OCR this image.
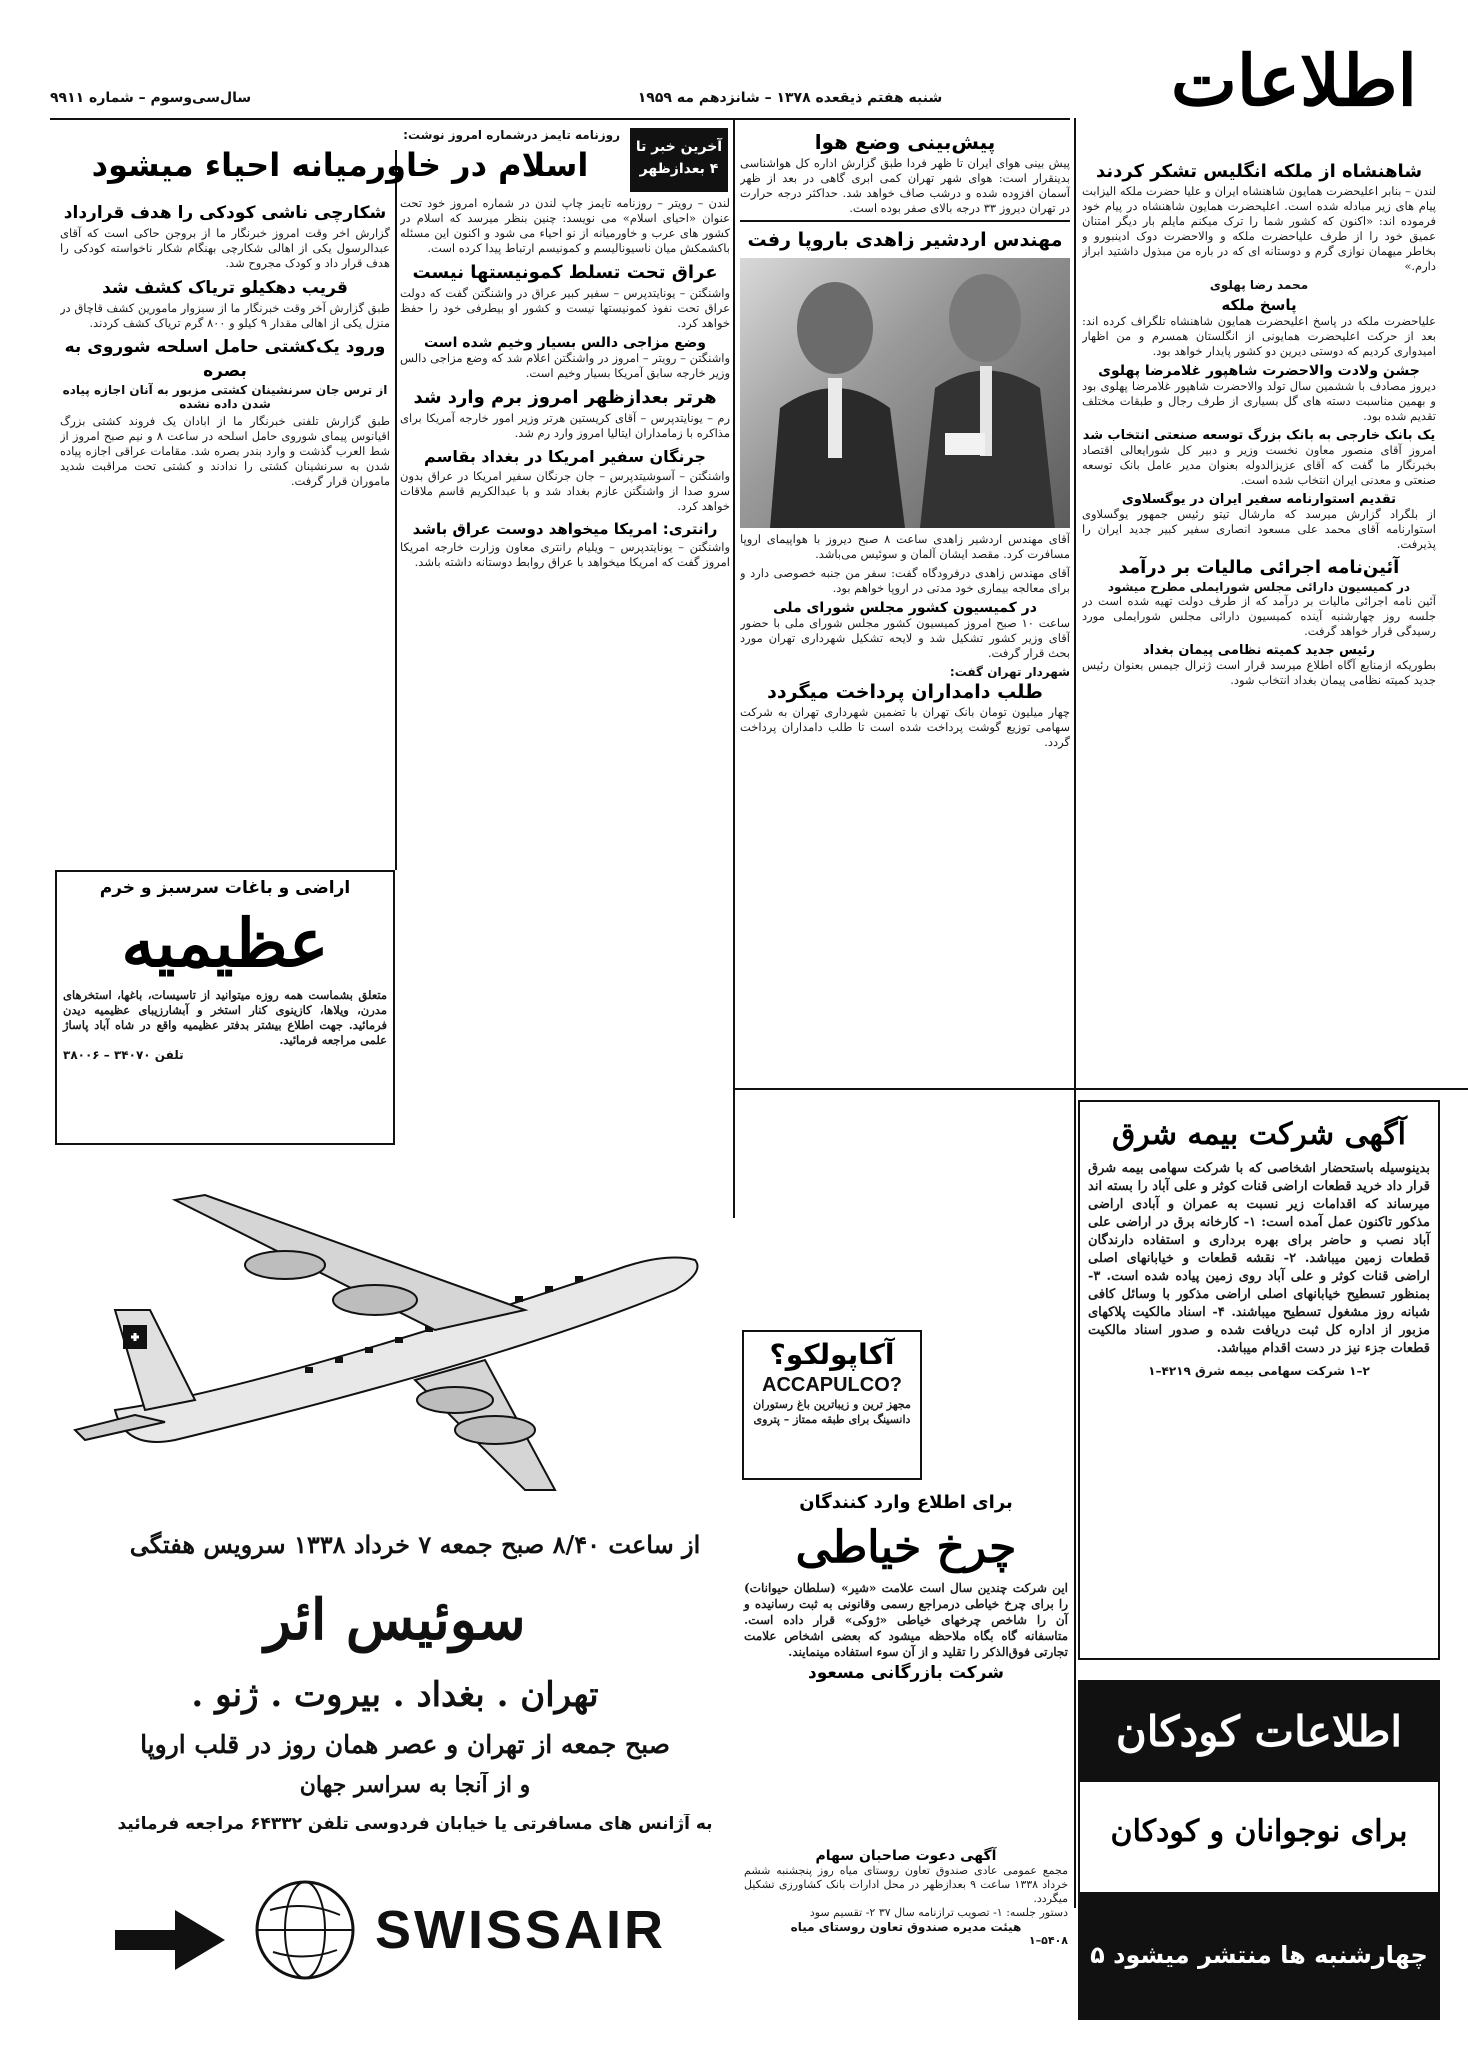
اطلاعات
شنبه هفتم ذیقعده ۱۳۷۸ – شانزدهم مه ۱۹۵۹
سال‌سی‌وسوم – شماره ۹۹۱۱
شاهنشاه از ملکه انگلیس تشکر کردند
لندن – بنابر اعلیحضرت همایون شاهنشاه ایران و علیا حضرت ملکه الیزابت پیام های زیر مبادله شده است. اعلیحضرت همایون شاهنشاه در پیام خود فرموده اند: «اکنون که کشور شما را ترک میکنم مایلم بار دیگر امتنان عمیق خود را از طرف علیاحضرت ملکه و والاحضرت دوک ادینبورو و بخاطر میهمان نوازی گرم و دوستانه ای که در باره من مبذول داشتید ابراز دارم.»
محمد رضا پهلوی
پاسخ ملکه
علیاحضرت ملکه در پاسخ اعلیحضرت همایون شاهنشاه تلگراف کرده اند: بعد از حرکت اعلیحضرت همایونی از انگلستان همسرم و من اظهار امیدواری کردیم که دوستی دیرین دو کشور پایدار خواهد بود.
جشن ولادت والاحضرت شاهپور غلامرضا پهلوی
دیروز مصادف با ششمین سال تولد والاحضرت شاهپور غلامرضا پهلوی بود و بهمین مناسبت دسته های گل بسیاری از طرف رجال و طبقات مختلف تقدیم شده بود.
یک بانک خارجی به بانک بزرگ توسعه صنعتی انتخاب شد
امروز آقای منصور معاون نخست وزیر و دبیر کل شورایعالی اقتصاد بخبرنگار ما گفت که آقای عزیزالدوله بعنوان مدیر عامل بانک توسعه صنعتی و معدنی ایران انتخاب شده است.
تقدیم استوارنامه سفیر ایران در یوگسلاوی
از بلگراد گزارش میرسد که مارشال تیتو رئیس جمهور یوگسلاوی استوارنامه آقای محمد علی مسعود انصاری سفیر کبیر جدید ایران را پذیرفت.
آئین‌نامه اجرائی مالیات بر درآمد
در کمیسیون دارائی مجلس شورایملی مطرح میشود
آئین نامه اجرائی مالیات بر درآمد که از طرف دولت تهیه شده است در جلسه روز چهارشنبه آینده کمیسیون دارائی مجلس شورایملی مورد رسیدگی قرار خواهد گرفت.
رئیس جدید کمیته نظامی پیمان بغداد
بطوریکه ازمنابع آگاه اطلاع میرسد قرار است ژنرال جیمس بعنوان رئیس جدید کمیته نظامی پیمان بغداد انتخاب شود.
پیش‌بینی وضع هوا
پیش بینی هوای ایران تا ظهر فردا طبق گزارش اداره کل هواشناسی بدینقرار است: هوای شهر تهران کمی ابری گاهی در بعد از ظهر آسمان افزوده شده و درشب صاف خواهد شد. حداکثر درجه حرارت در تهران دیروز ۳۳ درجه بالای صفر بوده است.
مهندس اردشیر زاهدی باروپا رفت
آقای مهندس اردشیر زاهدی ساعت ۸ صبح دیروز با هواپیمای اروپا مسافرت کرد. مقصد ایشان آلمان و سوئیس می‌باشد.
آقای مهندس زاهدی درفرودگاه گفت: سفر من جنبه خصوصی دارد و برای معالجه بیماری خود مدتی در اروپا خواهم بود.
در کمیسیون کشور مجلس شورای ملی
ساعت ۱۰ صبح امروز کمیسیون کشور مجلس شورای ملی با حضور آقای وزیر کشور تشکیل شد و لایحه تشکیل شهرداری تهران مورد بحث قرار گرفت.
شهردار تهران گفت:
طلب دامداران پرداخت میگردد
چهار میلیون تومان بانک تهران با تضمین شهرداری تهران به شرکت سهامی توزیع گوشت پرداخت شده است تا طلب دامداران پرداخت گردد.
روزنامه تایمز درشماره امروز نوشت:
اسلام در خاورمیانه احیاء میشود	آخرین خبر تا ۴ بعدازظهر
لندن – رویتر – روزنامه تایمز چاپ لندن در شماره امروز خود تحت عنوان «احیای اسلام» می نویسد: چنین بنظر میرسد که اسلام در کشور های عرب و خاورمیانه از نو احیاء می شود و اکنون این مسئله باکشمکش میان ناسیونالیسم و کمونیسم ارتباط پیدا کرده است.
عراق تحت تسلط کمونیستها نیست
واشنگتن – یونایتدپرس – سفیر کبیر عراق در واشنگتن گفت که دولت عراق تحت نفوذ کمونیستها نیست و کشور او بیطرفی خود را حفظ خواهد کرد.
وضع مزاجی دالس بسیار وخیم شده است
واشنگتن – رویتر – امروز در واشنگتن اعلام شد که وضع مزاجی دالس وزیر خارجه سابق آمریکا بسیار وخیم است.
هرتر بعدازظهر امروز برم وارد شد
رم – یونایتدپرس – آقای کریستین هرتر وزیر امور خارجه آمریکا برای مذاکره با زمامداران ایتالیا امروز وارد رم شد.
جرنگان سفیر امریکا در بغداد بقاسم
واشنگتن – آسوشیتدپرس – جان جرنگان سفیر امریکا در عراق بدون سرو صدا از واشنگتن عازم بغداد شد و با عبدالکریم قاسم ملاقات خواهد کرد.
رانتری: امریکا میخواهد دوست عراق باشد
واشنگتن – یونایتدپرس – ویلیام رانتری معاون وزارت خارجه امریکا امروز گفت که امریکا میخواهد با عراق روابط دوستانه داشته باشد.
شکارچی ناشی کودکی را هدف قرارداد
گزارش اخر وقت امروز خبرنگار ما از بروجن حاکی است که آقای عبدالرسول یکی از اهالی شکارچی بهنگام شکار ناخواسته کودکی را هدف قرار داد و کودک مجروح شد.
قریب دهکیلو تریاک کشف شد
طبق گزارش آخر وقت خبرنگار ما از سبزوار مامورین کشف قاچاق در منزل یکی از اهالی مقدار ۹ کیلو و ۸۰۰ گرم تریاک کشف کردند.
ورود یک‌کشتی حامل اسلحه شوروی به بصره
از ترس جان سرنشینان کشتی مزبور به آنان اجازه پیاده شدن داده نشده
طبق گزارش تلفنی خبرنگار ما از ابادان یک فروند کشتی بزرگ اقیانوس پیمای شوروی حامل اسلحه در ساعت ۸ و نیم صبح امروز از شط العرب گذشت و وارد بندر بصره شد. مقامات عراقی اجازه پیاده شدن به سرنشینان کشتی را ندادند و کشتی تحت مراقبت شدید ماموران قرار گرفت.
اراضی و باغات سرسبز و خرم
عظیمیه
متعلق بشماست همه روزه میتوانید از تاسیسات، باغها، استخرهای مدرن، ویلاها، کازینوی کنار استخر و آبشارزیبای عظیمیه دیدن فرمائید. جهت اطلاع بیشتر بدفتر عظیمیه واقع در شاه آباد پاساژ علمی مراجعه فرمائید.
تلفن ۳۴۰۷۰ – ۳۸۰۰۶
از ساعت ۸/۴۰ صبح جمعه ۷ خرداد ۱۳۳۸ سرویس هفتگی
سوئیس ائر
تهران . بغداد . بیروت . ژنو .
صبح جمعه از تهران و عصر همان روز در قلب اروپا
و از آنجا به سراسر جهان
به آژانس های مسافرتی یا خیابان فردوسی تلفن ۶۴۳۳۲ مراجعه فرمائید
SWISSAIR
آکاپولکو؟
ACCAPULCO?
مجهز ترین و زیباترین باغ رستوران دانسینگ برای طبقه ممتاز – پتروی
برای اطلاع وارد کنندگان
چرخ خیاطی
این شرکت چندین سال است علامت «شیر» (سلطان حیوانات) را برای چرخ خیاطی درمراجع رسمی وقانونی به ثبت رسانیده و آن را شاخص چرخهای خیاطی «ژوکی» قرار داده است. متاسفانه گاه بگاه ملاحظه میشود که بعضی اشخاص علامت تجارتی فوق‌الذکر را تقلید و از آن سوء استفاده مینمایند.
شرکت بازرگانی مسعود
آگهی دعوت صاحبان سهام
مجمع عمومی عادی صندوق تعاون روستای میاه روز پنجشنبه ششم خرداد ۱۳۳۸ ساعت ۹ بعدازظهر در محل ادارات بانک کشاورزی تشکیل میگردد.
دستور جلسه: ۱- تصویب ترازنامه سال ۳۷ ۲- تقسیم سود
هیئت مدیره صندوق تعاون روستای میاه
۵۴۰۸–۱
آگهی شرکت بیمه شرق
بدینوسیله باستحضار اشخاصی که با شرکت سهامی بیمه شرق قرار داد خرید قطعات اراضی قنات کوثر و علی آباد را بسته اند میرساند که اقدامات زیر نسبت به عمران و آبادی اراضی مذکور تاکنون عمل آمده است: ۱- کارخانه برق در اراضی علی آباد نصب و حاضر برای بهره برداری و استفاده دارندگان قطعات زمین میباشد. ۲- نقشه قطعات و خیابانهای اصلی اراضی قنات کوثر و علی آباد روی زمین پیاده شده است. ۳- بمنظور تسطیح خیابانهای اصلی اراضی مذکور با وسائل کافی شبانه روز مشغول تسطیح میباشند. ۴- اسناد مالکیت پلاکهای مزبور از اداره کل ثبت دریافت شده و صدور اسناد مالکیت قطعات جزء نیز در دست اقدام میباشد.
۲–۱ شرکت سهامی بیمه شرق ۴۲۱۹–۱
اطلاعات کودکان
برای نوجوانان و کودکان
چهارشنبه ها منتشر میشود ۵
